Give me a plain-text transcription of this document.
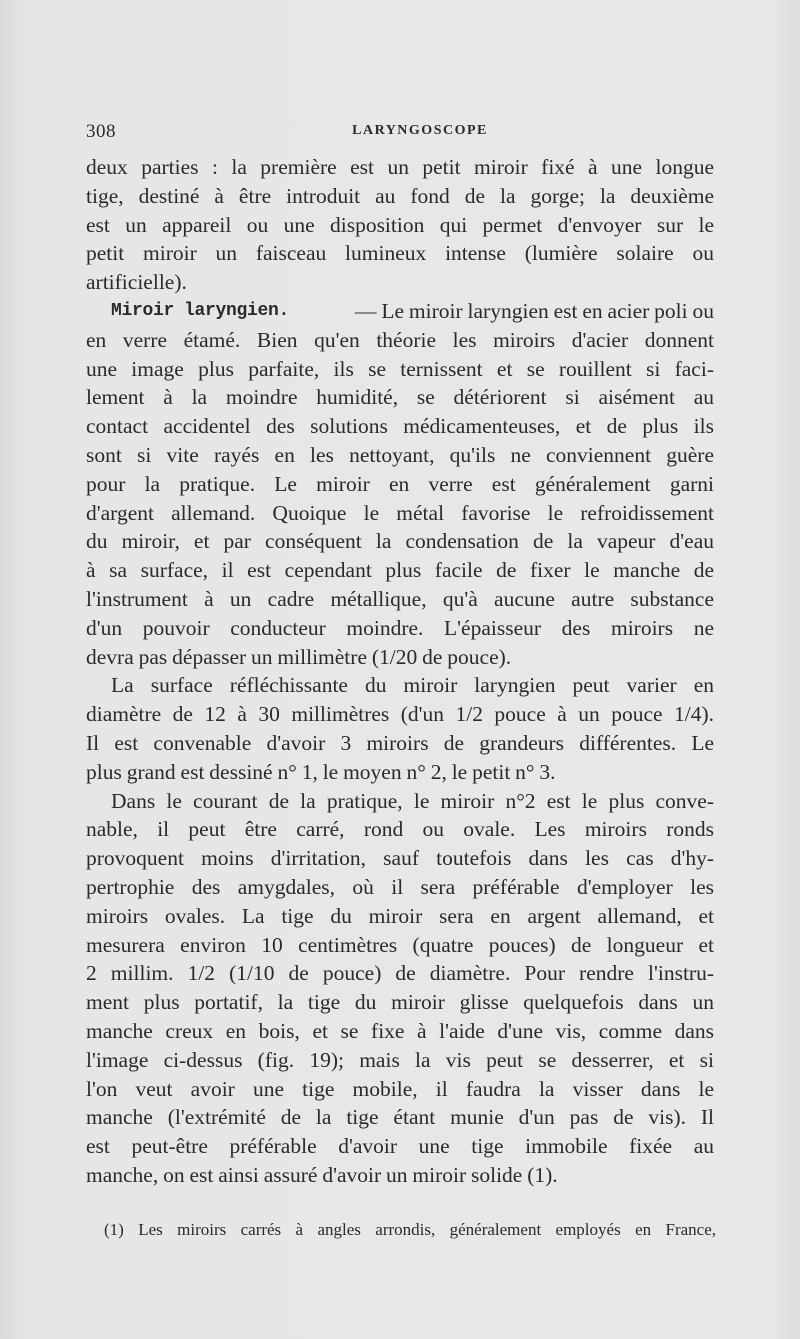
308	LARYNGOSCOPE
deux parties : la première est un petit miroir fixé à une longue
tige, destiné à être introduit au fond de la gorge; la deuxième
est un appareil ou une disposition qui permet d'envoyer sur le
petit miroir un faisceau lumineux intense (lumière solaire ou
artificielle).
Miroir laryngien.	— Le miroir laryngien est en acier poli ou
en verre étamé. Bien qu'en théorie les miroirs d'acier donnent
une image plus parfaite, ils se ternissent et se rouillent si faci-
lement à la moindre humidité, se détériorent si aisément au
contact accidentel des solutions médicamenteuses, et de plus ils
sont si vite rayés en les nettoyant, qu'ils ne conviennent guère
pour la pratique. Le miroir en verre est généralement garni
d'argent allemand. Quoique le métal favorise le refroidissement
du miroir, et par conséquent la condensation de la vapeur d'eau
à sa surface, il est cependant plus facile de fixer le manche de
l'instrument à un cadre métallique, qu'à aucune autre substance
d'un pouvoir conducteur moindre. L'épaisseur des miroirs ne
devra pas dépasser un millimètre (1/20 de pouce).
La surface réfléchissante du miroir laryngien peut varier en
diamètre de 12 à 30 millimètres (d'un 1/2 pouce à un pouce 1/4).
Il est convenable d'avoir 3 miroirs de grandeurs différentes. Le
plus grand est dessiné n° 1, le moyen n° 2, le petit n° 3.
Dans le courant de la pratique, le miroir n°2 est le plus conve-
nable, il peut être carré, rond ou ovale. Les miroirs ronds
provoquent moins d'irritation, sauf toutefois dans les cas d'hy-
pertrophie des amygdales, où il sera préférable d'employer les
miroirs ovales. La tige du miroir sera en argent allemand, et
mesurera environ 10 centimètres (quatre pouces) de longueur et
2 millim. 1/2 (1/10 de pouce) de diamètre. Pour rendre l'instru-
ment plus portatif, la tige du miroir glisse quelquefois dans un
manche creux en bois, et se fixe à l'aide d'une vis, comme dans
l'image ci-dessus (fig. 19); mais la vis peut se desserrer, et si
l'on veut avoir une tige mobile, il faudra la visser dans le
manche (l'extrémité de la tige étant munie d'un pas de vis). Il
est peut-être préférable d'avoir une tige immobile fixée au
manche, on est ainsi assuré d'avoir un miroir solide (1).
(1) Les miroirs carrés à angles arrondis, généralement employés en France,
